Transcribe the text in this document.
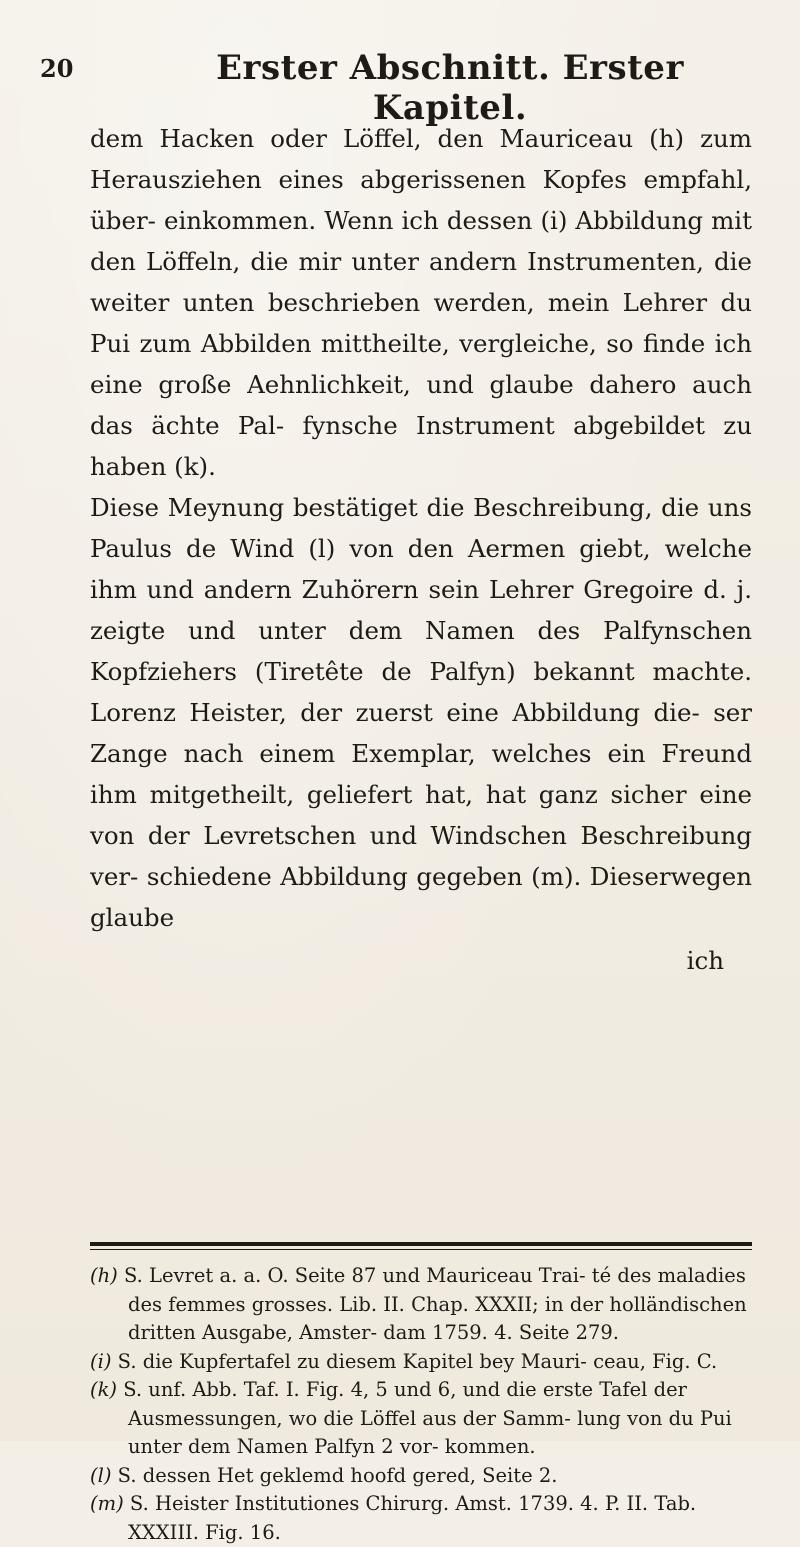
20	Erster Abschnitt. Erster Kapitel.

dem Hacken oder Löffel, den Mauriceau (h) zum Herausziehen eines abgerissenen Kopfes empfahl, über- einkommen. Wenn ich dessen (i) Abbildung mit den Löffeln, die mir unter andern Instrumenten, die weiter unten beschrieben werden, mein Lehrer du Pui zum Abbilden mittheilte, vergleiche, so finde ich eine große Aehnlichkeit, und glaube dahero auch das ächte Pal- fynsche Instrument abgebildet zu haben (k).

Diese Meynung bestätiget die Beschreibung, die uns Paulus de Wind (l) von den Aermen giebt, welche ihm und andern Zuhörern sein Lehrer Gregoire d. j. zeigte und unter dem Namen des Palfynschen Kopfziehers (Tiretête de Palfyn) bekannt machte. Lorenz Heister, der zuerst eine Abbildung die- ser Zange nach einem Exemplar, welches ein Freund ihm mitgetheilt, geliefert hat, hat ganz sicher eine von der Levretschen und Windschen Beschreibung ver- schiedene Abbildung gegeben (m). Dieserwegen glaube

ich

(h) S. Levret a. a. O. Seite 87 und Mauriceau Trai- té des maladies des femmes grosses. Lib. II. Chap. XXXII; in der holländischen dritten Ausgabe, Amster- dam 1759. 4. Seite 279.

(i) S. die Kupfertafel zu diesem Kapitel bey Mauri- ceau, Fig. C.

(k) S. unf. Abb. Taf. I. Fig. 4, 5 und 6, und die erste Tafel der Ausmessungen, wo die Löffel aus der Samm- lung von du Pui unter dem Namen Palfyn 2 vor- kommen.

(l) S. dessen Het geklemd hoofd gered, Seite 2.

(m) S. Heister Institutiones Chirurg. Amst. 1739. 4. P. II. Tab. XXXIII. Fig. 16.
